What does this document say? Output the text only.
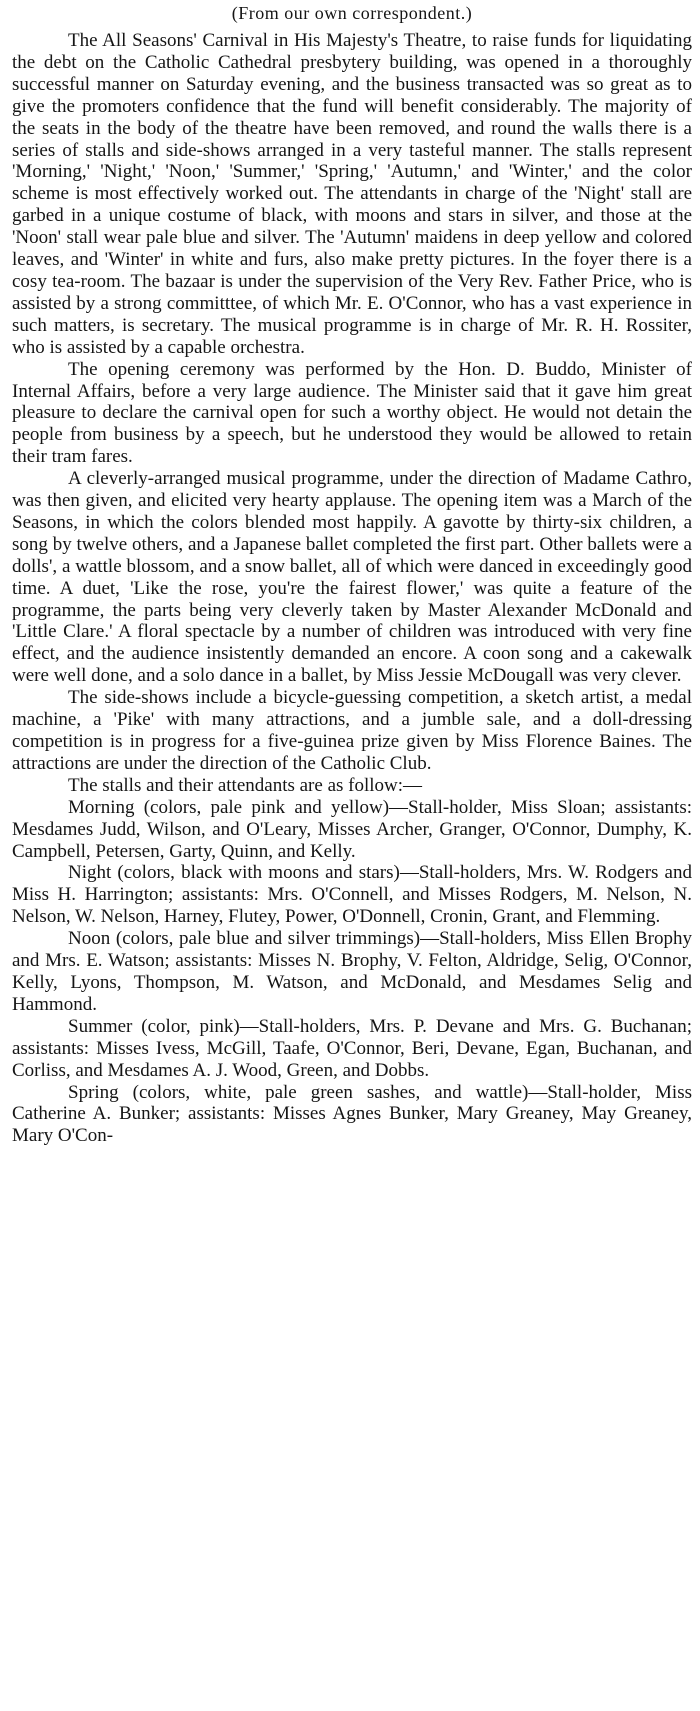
(From our own correspondent.)

The All Seasons' Carnival in His Majesty's Theatre, to raise funds for liquidating the debt on the Catholic Cathedral presbytery building, was opened in a thoroughly successful manner on Saturday evening, and the business transacted was so great as to give the promoters confidence that the fund will benefit considerably. The majority of the seats in the body of the theatre have been removed, and round the walls there is a series of stalls and side-shows arranged in a very tasteful manner. The stalls represent 'Morning,' 'Night,' 'Noon,' 'Summer,' 'Spring,' 'Autumn,' and 'Winter,' and the color scheme is most effectively worked out. The attendants in charge of the 'Night' stall are garbed in a unique costume of black, with moons and stars in silver, and those at the 'Noon' stall wear pale blue and silver. The 'Autumn' maidens in deep yellow and colored leaves, and 'Winter' in white and furs, also make pretty pictures. In the foyer there is a cosy tea-room. The bazaar is under the supervision of the Very Rev. Father Price, who is assisted by a strong committtee, of which Mr. E. O'Connor, who has a vast experience in such matters, is secretary. The musical programme is in charge of Mr. R. H. Rossiter, who is assisted by a capable orchestra.

The opening ceremony was performed by the Hon. D. Buddo, Minister of Internal Affairs, before a very large audience. The Minister said that it gave him great pleasure to declare the carnival open for such a worthy object. He would not detain the people from business by a speech, but he understood they would be allowed to retain their tram fares.

A cleverly-arranged musical programme, under the direction of Madame Cathro, was then given, and elicited very hearty applause. The opening item was a March of the Seasons, in which the colors blended most happily. A gavotte by thirty-six children, a song by twelve others, and a Japanese ballet completed the first part. Other ballets were a dolls', a wattle blossom, and a snow ballet, all of which were danced in exceedingly good time. A duet, 'Like the rose, you're the fairest flower,' was quite a feature of the programme, the parts being very cleverly taken by Master Alexander McDonald and 'Little Clare.' A floral spectacle by a number of children was introduced with very fine effect, and the audience insistently demanded an encore. A coon song and a cakewalk were well done, and a solo dance in a ballet, by Miss Jessie McDougall was very clever.

The side-shows include a bicycle-guessing competition, a sketch artist, a medal machine, a 'Pike' with many attractions, and a jumble sale, and a doll-dressing competition is in progress for a five-guinea prize given by Miss Florence Baines. The attractions are under the direction of the Catholic Club.

The stalls and their attendants are as follow:—

Morning (colors, pale pink and yellow)—Stall-holder, Miss Sloan; assistants: Mesdames Judd, Wilson, and O'Leary, Misses Archer, Granger, O'Connor, Dumphy, K. Campbell, Petersen, Garty, Quinn, and Kelly.

Night (colors, black with moons and stars)—Stall-holders, Mrs. W. Rodgers and Miss H. Harrington; assistants: Mrs. O'Connell, and Misses Rodgers, M. Nelson, N. Nelson, W. Nelson, Harney, Flutey, Power, O'Donnell, Cronin, Grant, and Flemming.

Noon (colors, pale blue and silver trimmings)—Stall-holders, Miss Ellen Brophy and Mrs. E. Watson; assistants: Misses N. Brophy, V. Felton, Aldridge, Selig, O'Connor, Kelly, Lyons, Thompson, M. Watson, and McDonald, and Mesdames Selig and Hammond.

Summer (color, pink)—Stall-holders, Mrs. P. Devane and Mrs. G. Buchanan; assistants: Misses Ivess, McGill, Taafe, O'Connor, Beri, Devane, Egan, Buchanan, and Corliss, and Mesdames A. J. Wood, Green, and Dobbs.

Spring (colors, white, pale green sashes, and wattle)—Stall-holder, Miss Catherine A. Bunker; assistants: Misses Agnes Bunker, Mary Greaney, May Greaney, Mary O'Con-
